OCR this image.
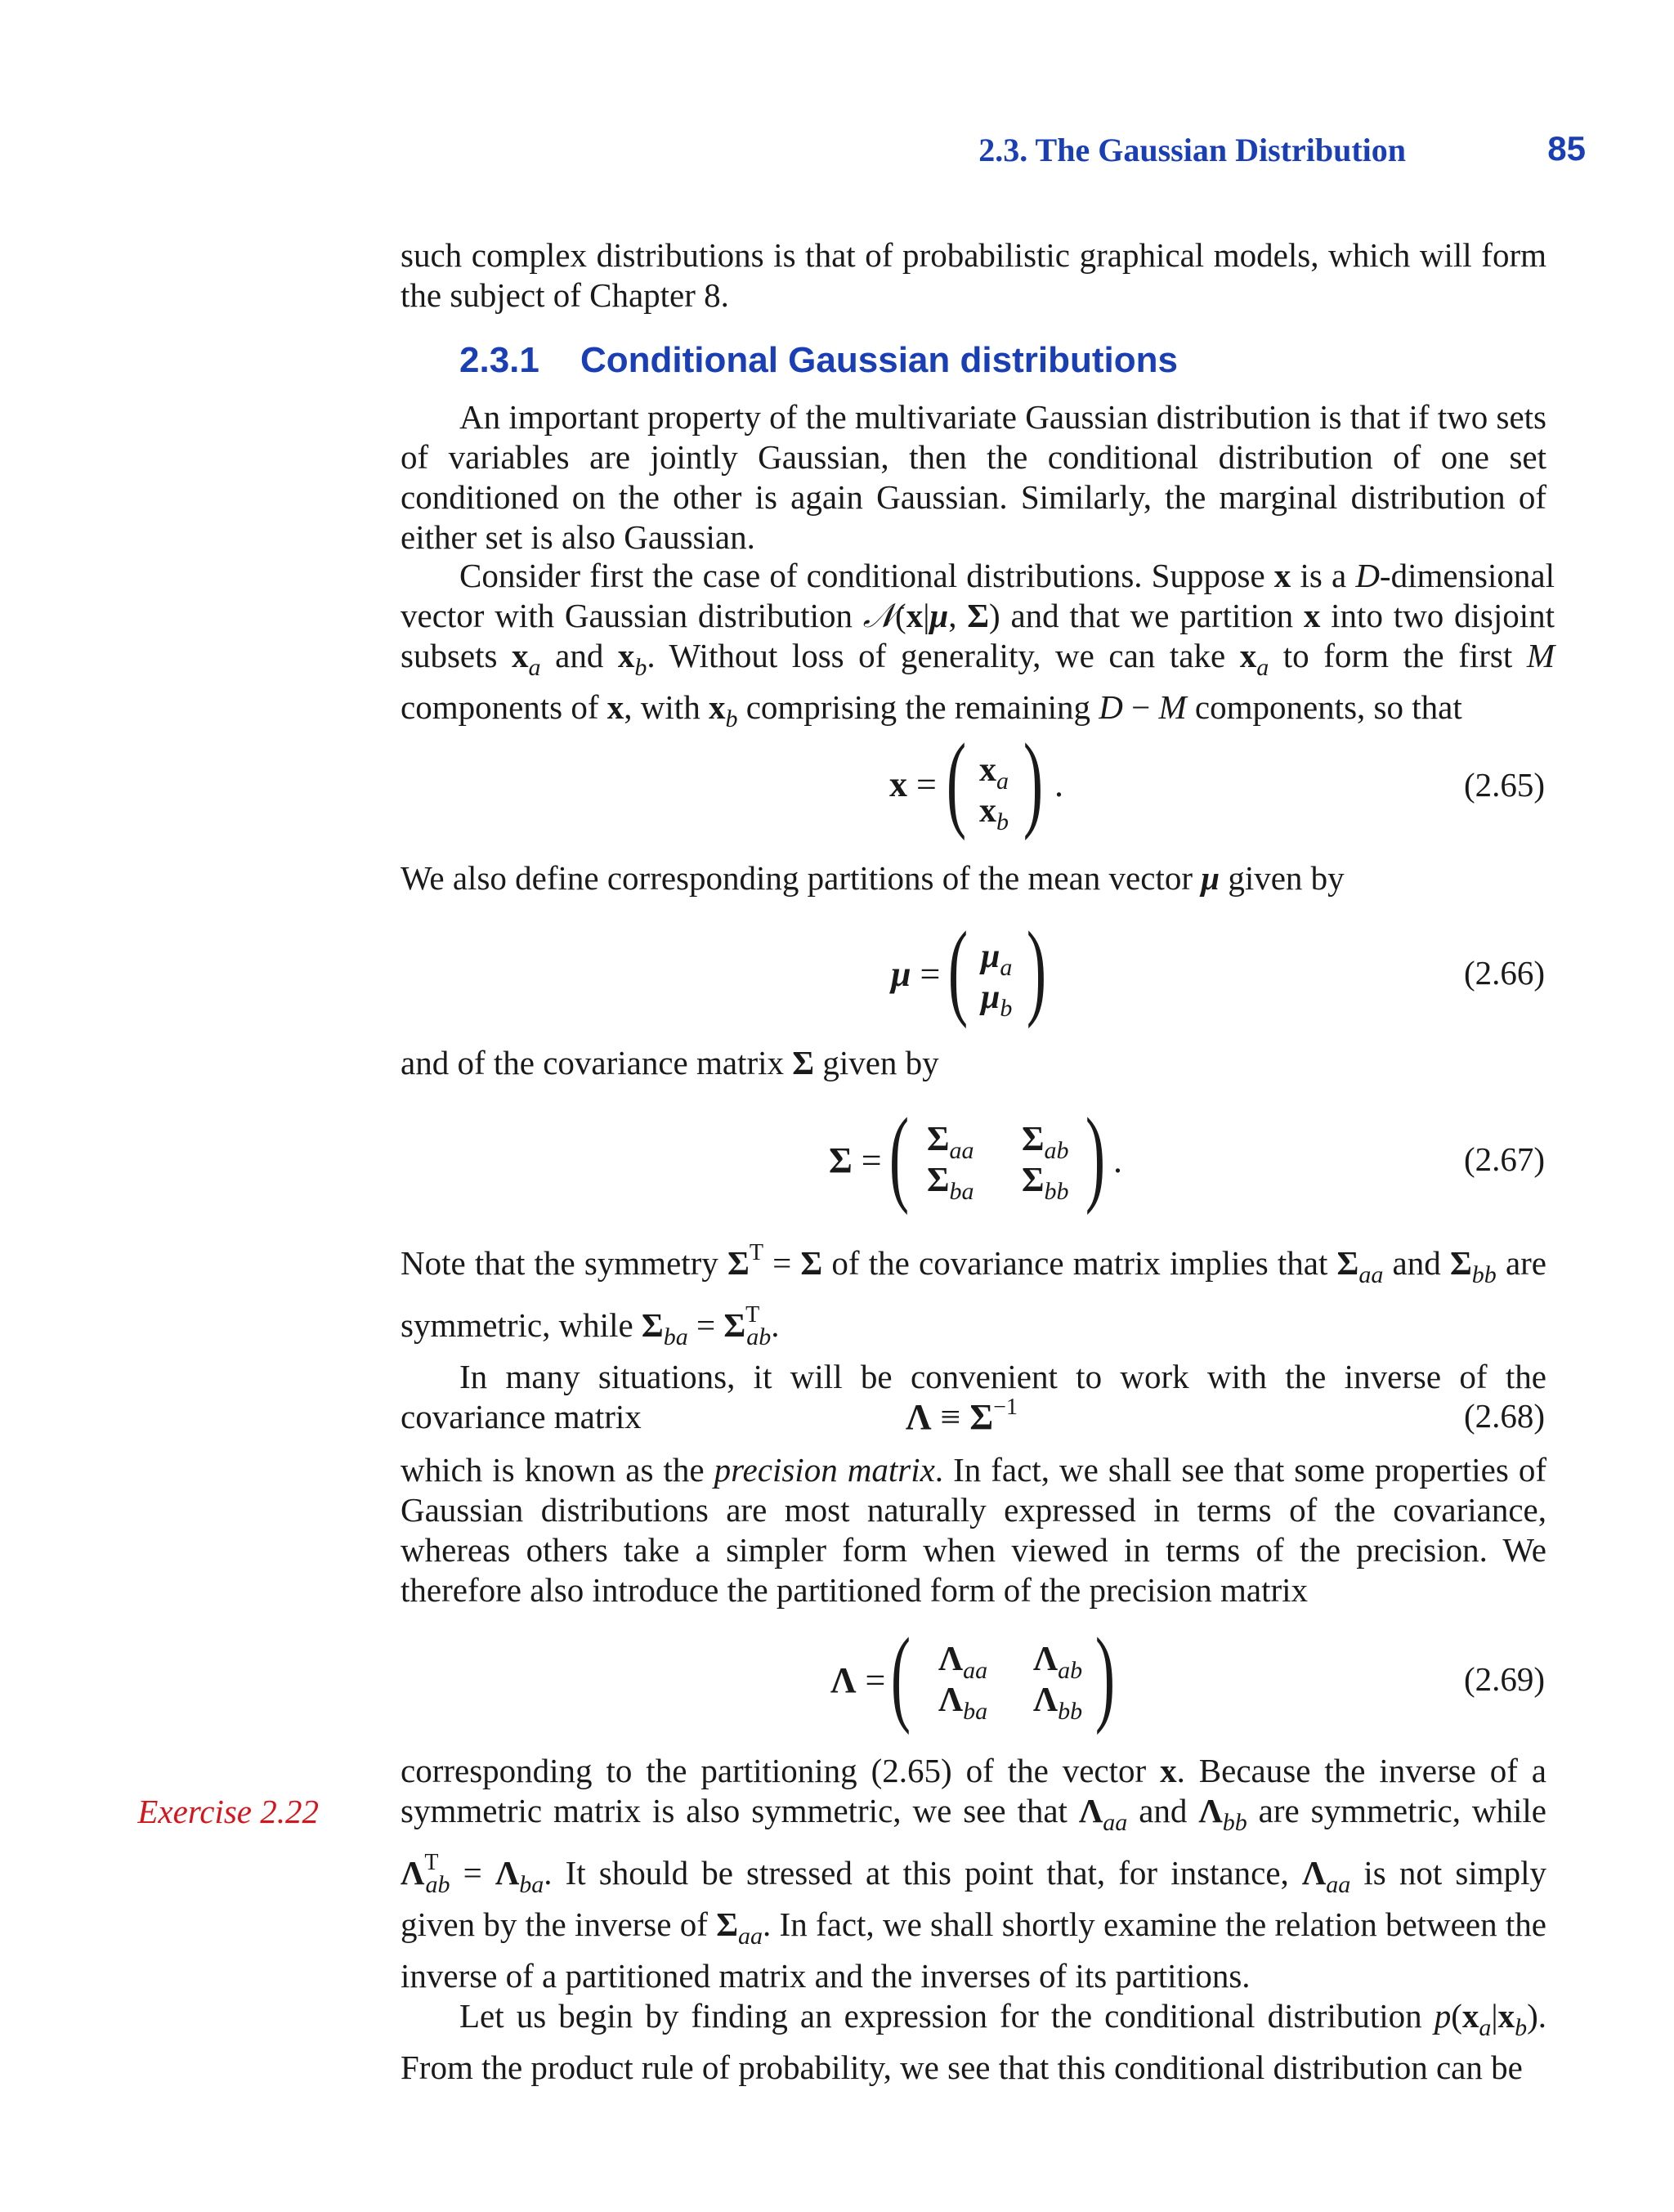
2.3. The Gaussian Distribution	85

such complex distributions is that of probabilistic graphical models, which will form the subject of Chapter 8.

2.3.1 Conditional Gaussian distributions

An important property of the multivariate Gaussian distribution is that if two sets of variables are jointly Gaussian, then the conditional distribution of one set conditioned on the other is again Gaussian. Similarly, the marginal distribution of either set is also Gaussian.

Consider first the case of conditional distributions. Suppose x is a D-dimensional vector with Gaussian distribution 𝒩(x|μ, Σ) and that we partition x into two disjoint subsets $x_a$ and $x_b$. Without loss of generality, we can take $x_a$ to form the first M components of x, with $x_b$ comprising the remaining D − M components, so that

x = ( $x_a$
$x_b$ ) .	(2.65)

We also define corresponding partitions of the mean vector μ given by

μ = ( $\mu_a$
$\mu_b$ )	(2.66)

and of the covariance matrix Σ given by

Σ = ( $\Sigma_{aa}$ $\Sigma_{ab}$
$\Sigma_{ba}$ $\Sigma_{bb}$ ) .	(2.67)

Note that the symmetry $\Sigma^T = \Sigma$ of the covariance matrix implies that $\Sigma_{aa}$ and $\Sigma_{bb}$ are symmetric, while $\Sigma_{ba} = \Sigma^T_{ab}$.

In many situations, it will be convenient to work with the inverse of the covariance matrix	$\Lambda \equiv \Sigma^{-1}$	(2.68)

which is known as the precision matrix. In fact, we shall see that some properties of Gaussian distributions are most naturally expressed in terms of the covariance, whereas others take a simpler form when viewed in terms of the precision. We therefore also introduce the partitioned form of the precision matrix

Λ = ( $\Lambda_{aa}$ $\Lambda_{ab}$
$\Lambda_{ba}$ $\Lambda_{bb}$ )	(2.69)
Exercise 2.22

corresponding to the partitioning (2.65) of the vector x. Because the inverse of a symmetric matrix is also symmetric, we see that $\Lambda_{aa}$ and $\Lambda_{bb}$ are symmetric, while $\Lambda^T_{ab} = \Lambda_{ba}$. It should be stressed at this point that, for instance, $\Lambda_{aa}$ is not simply given by the inverse of $\Sigma_{aa}$. In fact, we shall shortly examine the relation between the inverse of a partitioned matrix and the inverses of its partitions.

Let us begin by finding an expression for the conditional distribution $p(x_a|x_b)$. From the product rule of probability, we see that this conditional distribution can be
